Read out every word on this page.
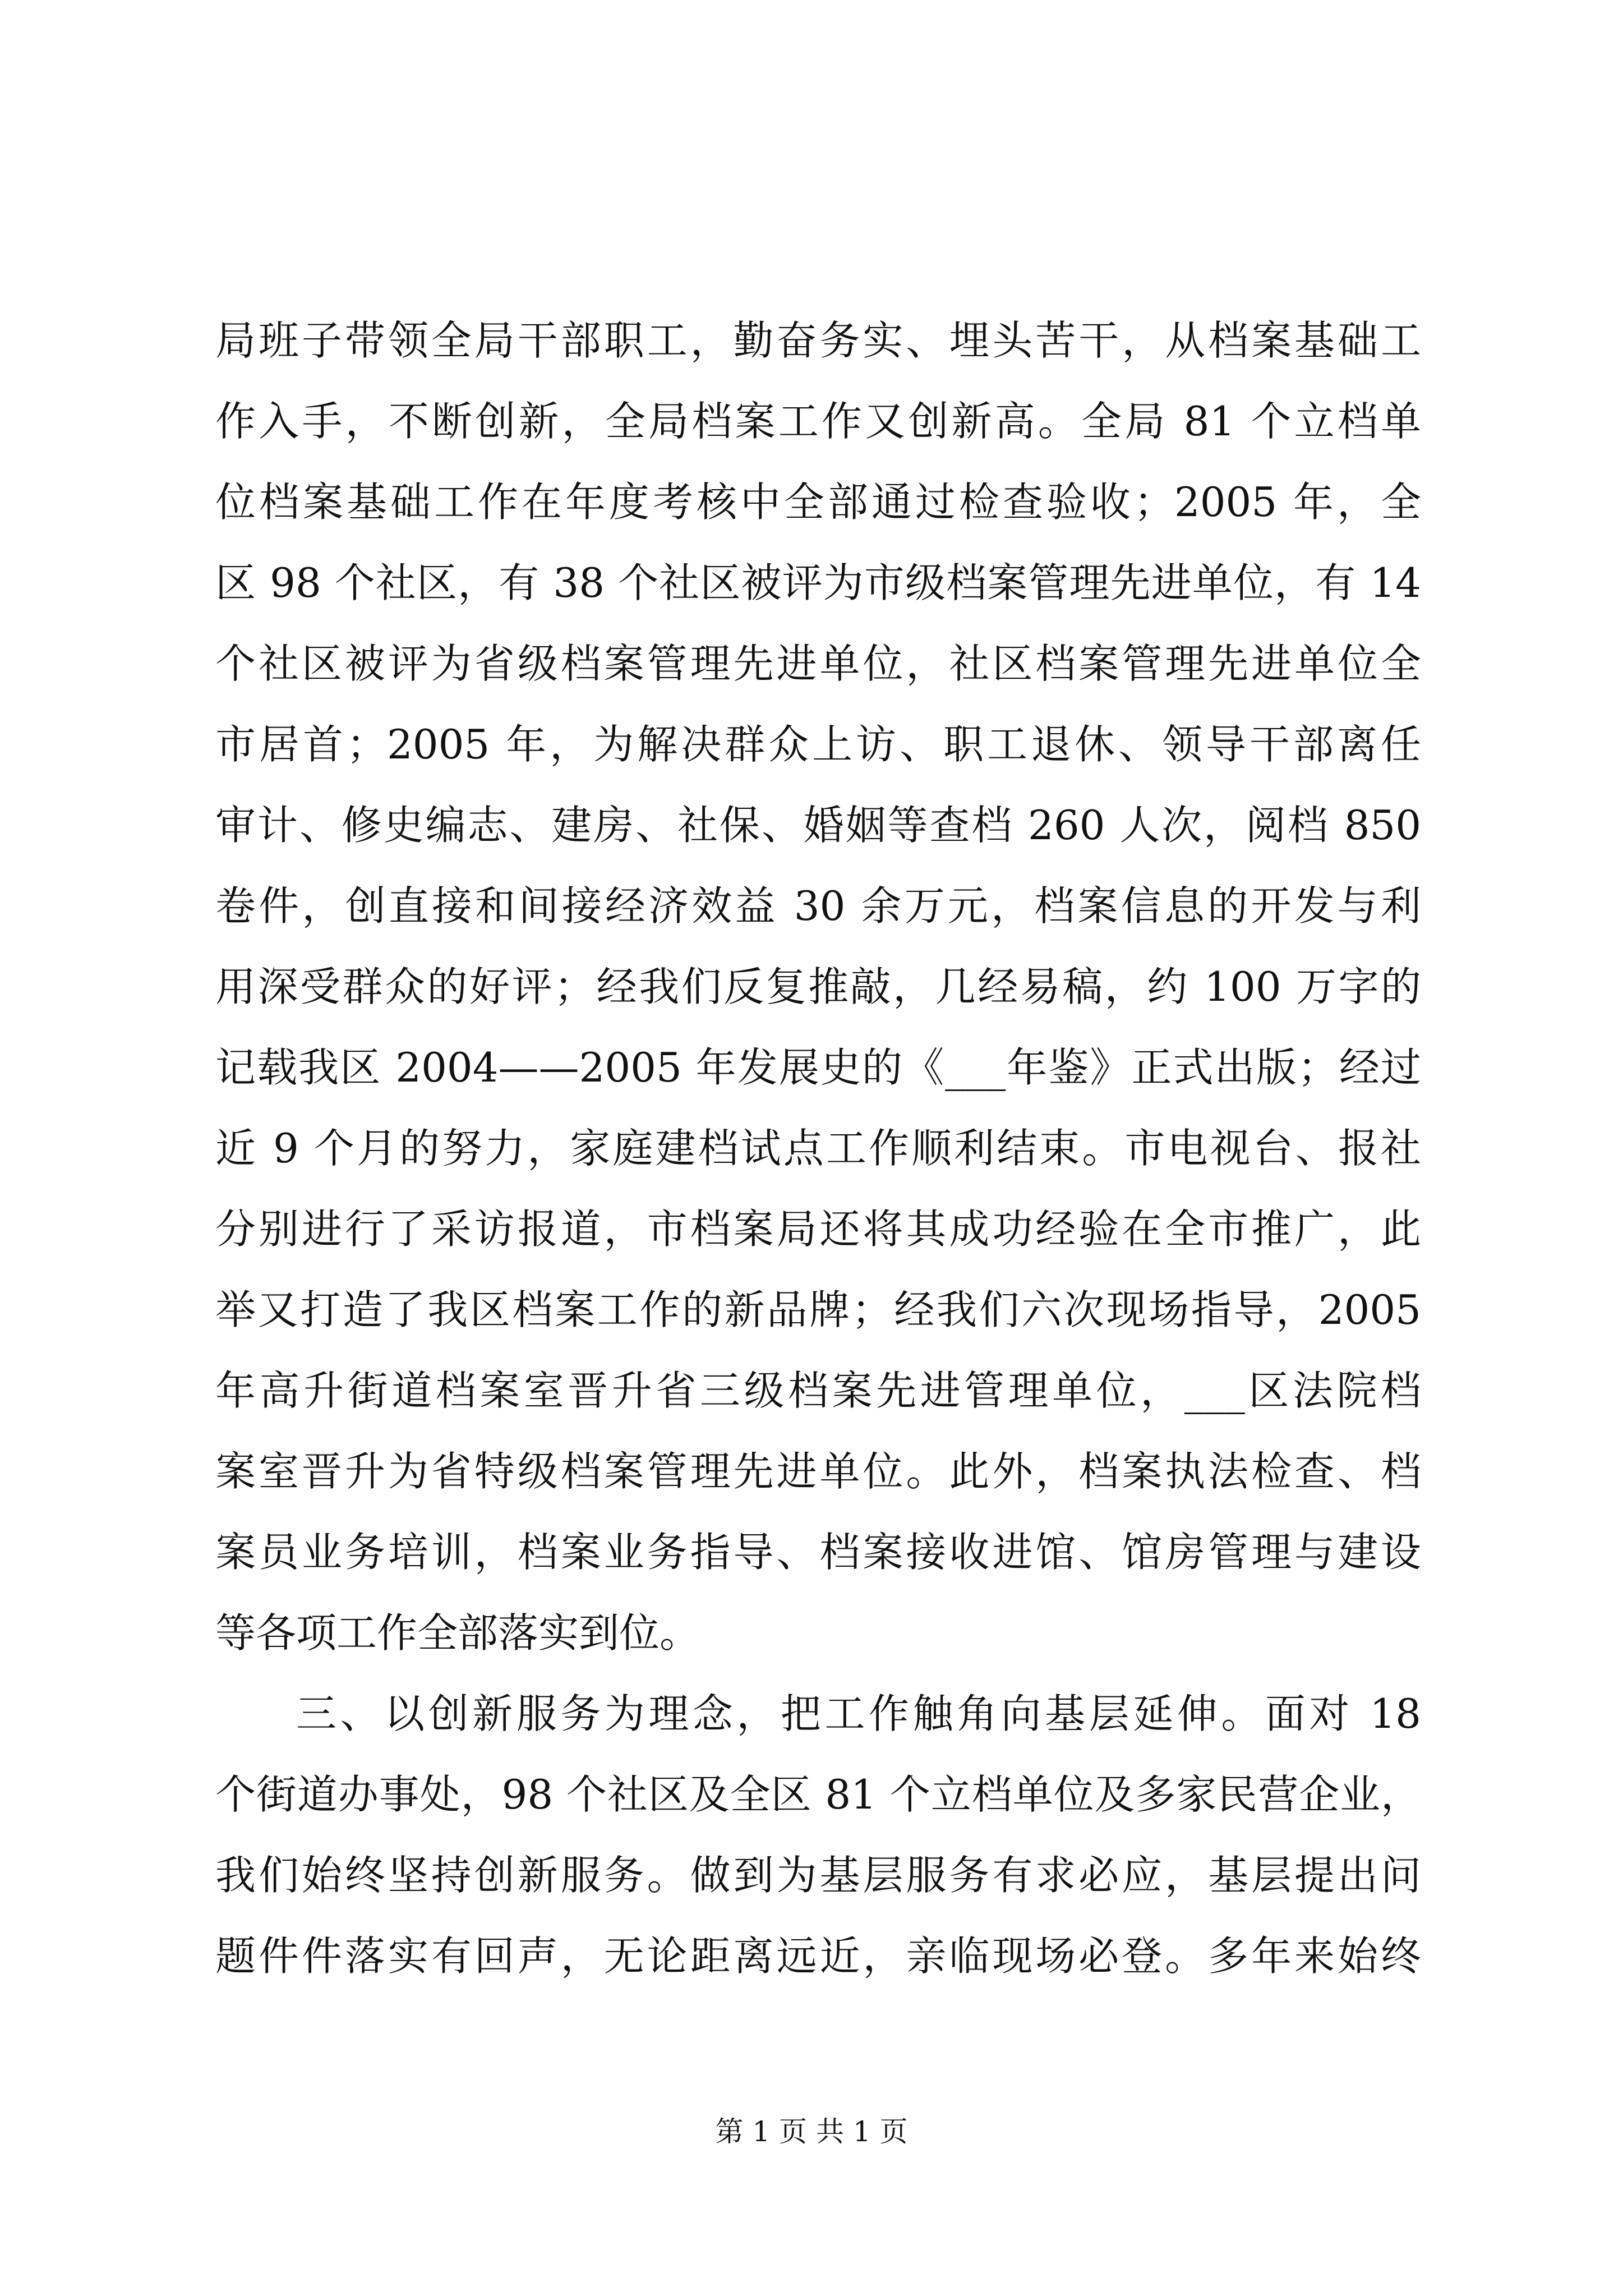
局班子带领全局干部职工，勤奋务实、埋头苦干，从档案基础工
作入手，不断创新，全局档案工作又创新高。全局 81 个立档单
位档案基础工作在年度考核中全部通过检查验收；2005 年，全
区 98 个社区，有 38 个社区被评为市级档案管理先进单位，有 14
个社区被评为省级档案管理先进单位，社区档案管理先进单位全
市居首；2005 年，为解决群众上访、职工退休、领导干部离任
审计、修史编志、建房、社保、婚姻等查档 260 人次，阅档 850
卷件，创直接和间接经济效益 30 余万元，档案信息的开发与利
用深受群众的好评；经我们反复推敲，几经易稿，约 100 万字的
记载我区 2004——2005 年发展史的《___年鉴》正式出版；经过
近 9 个月的努力，家庭建档试点工作顺利结束。市电视台、报社
分别进行了采访报道，市档案局还将其成功经验在全市推广，此
举又打造了我区档案工作的新品牌；经我们六次现场指导，2005
年高升街道档案室晋升省三级档案先进管理单位，___区法院档
案室晋升为省特级档案管理先进单位。此外，档案执法检查、档
案员业务培训，档案业务指导、档案接收进馆、馆房管理与建设
等各项工作全部落实到位。
三、以创新服务为理念，把工作触角向基层延伸。面对 18
个街道办事处，98 个社区及全区 81 个立档单位及多家民营企业，
我们始终坚持创新服务。做到为基层服务有求必应，基层提出问
题件件落实有回声，无论距离远近，亲临现场必登。多年来始终
第 1 页 共 1 页
